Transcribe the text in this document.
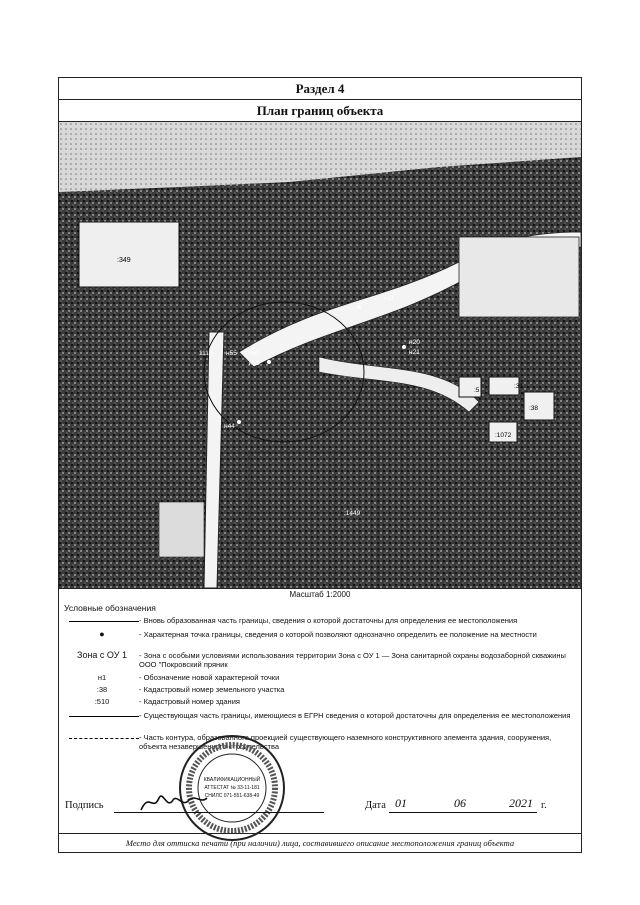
Раздел 4
План границ объекта
:349
н11
н20
н21
н50
н53
н55
н44
1110
:31
:5
:38
:1449
:1072
Масштаб 1:2000
Условные обозначения
- Вновь образованная часть границы, сведения о которой достаточны для определения ее местоположения
●	- Характерная точка границы, сведения о которой позволяют однозначно определить ее положение на местности
Зона с ОУ 1	- Зона с особыми условиями использования территории Зона с ОУ 1 — Зона санитарной охраны водозаборной скважины ООО "Покровский пряник
н1	- Обозначение новой характерной точки
:38	- Кадастровый номер земельного участка
:510	- Кадастровый номер здания
- Существующая часть границы, имеющиеся в ЕГРН сведения о которой достаточны для определения ее местоположения
- Часть контура, образованного проекцией существующего наземного конструктивного элемента здания, сооружения, объекта незавершенного строительства
КВАЛИФИКАЦИОННЫЙ
АТТЕСТАТ № 33-11-181
СНИЛС 071-551-638-49
Подпись	Дата 01	06	2021 г.
Место для оттиска печати (при наличии) лица, составившего описание местоположения границ объекта
